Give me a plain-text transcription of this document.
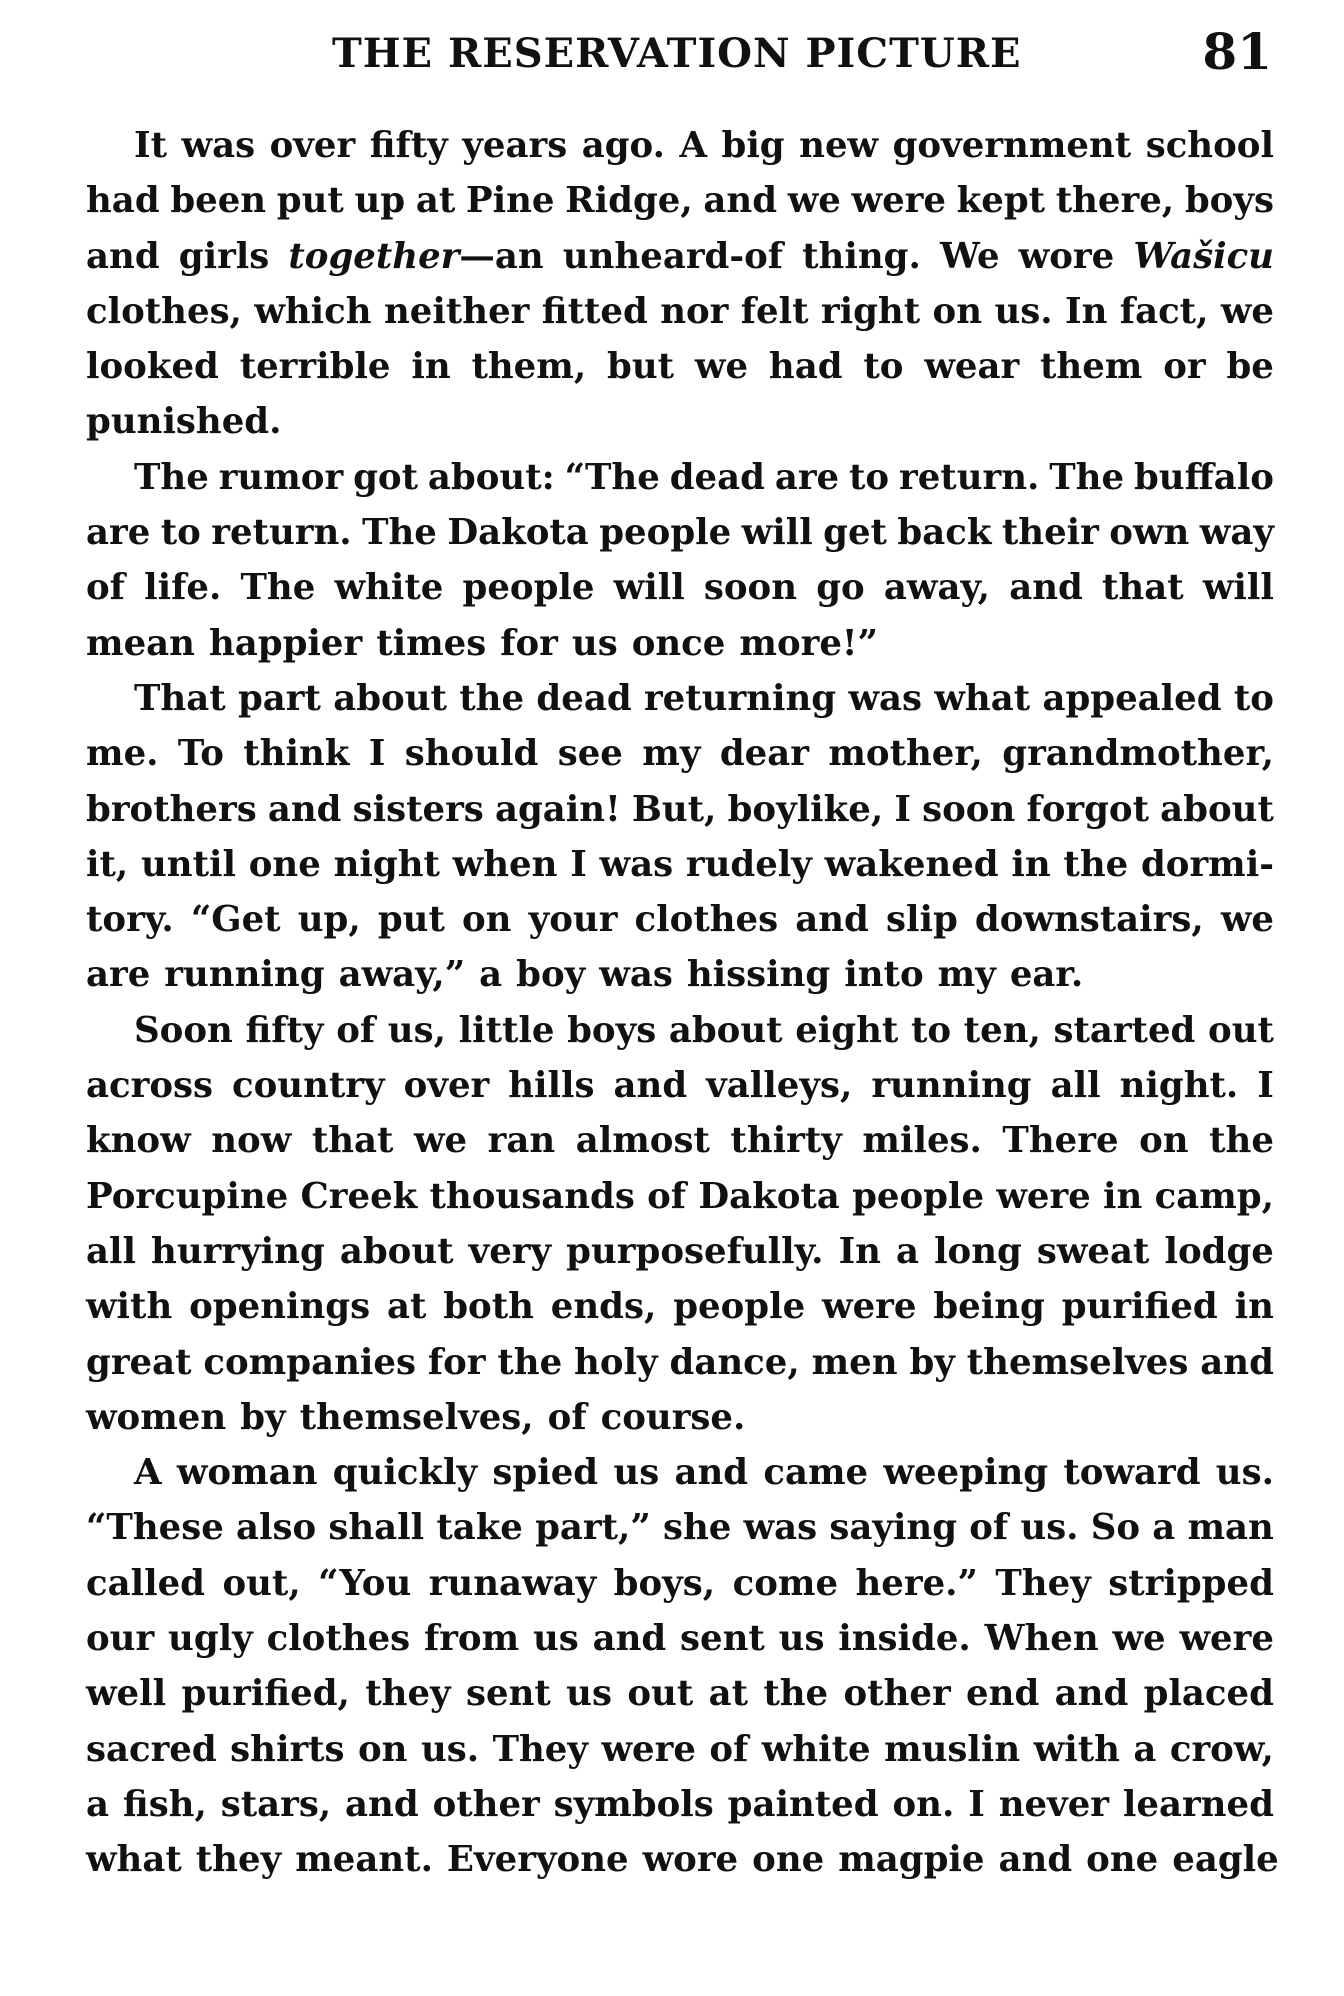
THE RESERVATION PICTURE	81
It was over fifty years ago. A big new government school
had been put up at Pine Ridge, and we were kept there, boys
and girls together—an unheard-of thing. We wore Wašicu
clothes, which neither fitted nor felt right on us. In fact, we
looked terrible in them, but we had to wear them or be
punished.
The rumor got about: “The dead are to return. The buffalo
are to return. The Dakota people will get back their own way
of life. The white people will soon go away, and that will
mean happier times for us once more!”
That part about the dead returning was what appealed to
me. To think I should see my dear mother, grandmother,
brothers and sisters again! But, boylike, I soon forgot about
it, until one night when I was rudely wakened in the dormi-
tory. “Get up, put on your clothes and slip downstairs, we
are running away,” a boy was hissing into my ear.
Soon fifty of us, little boys about eight to ten, started out
across country over hills and valleys, running all night. I
know now that we ran almost thirty miles. There on the
Porcupine Creek thousands of Dakota people were in camp,
all hurrying about very purposefully. In a long sweat lodge
with openings at both ends, people were being purified in
great companies for the holy dance, men by themselves and
women by themselves, of course.
A woman quickly spied us and came weeping toward us.
“These also shall take part,” she was saying of us. So a man
called out, “You runaway boys, come here.” They stripped
our ugly clothes from us and sent us inside. When we were
well purified, they sent us out at the other end and placed
sacred shirts on us. They were of white muslin with a crow,
a fish, stars, and other symbols painted on. I never learned
what they meant. Everyone wore one magpie and one eagle
